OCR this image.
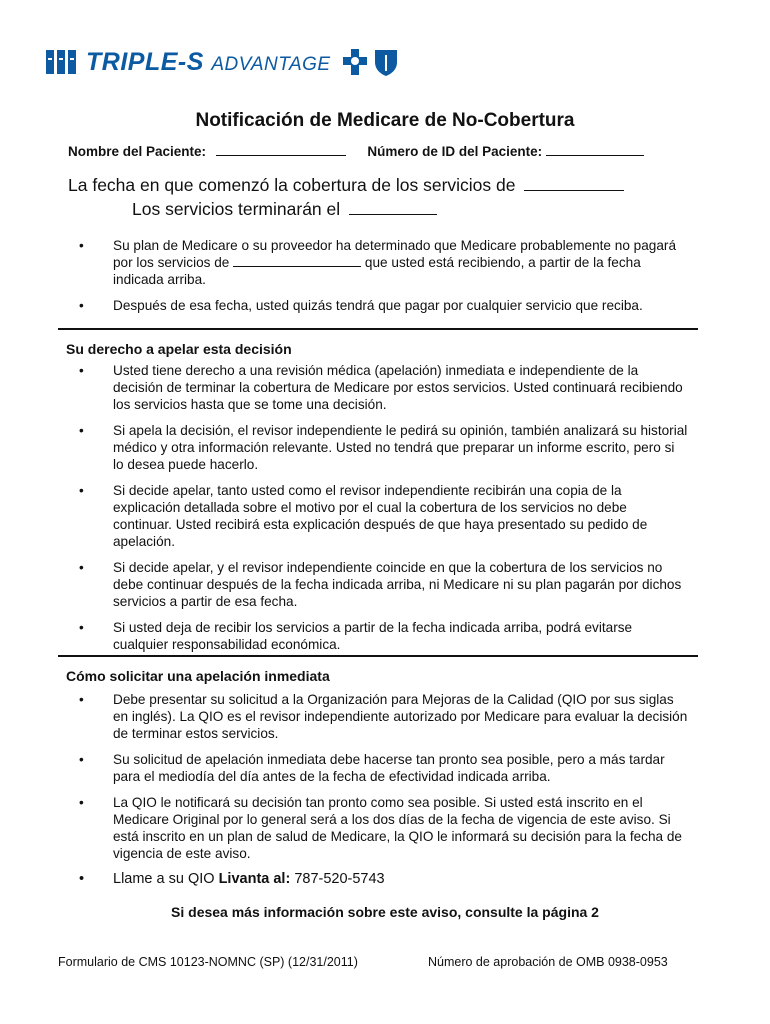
TRIPLE-S ADVANTAGE
Notificación de Medicare de No-Cobertura
Nombre del Paciente:	Número de ID del Paciente:
La fecha en que comenzó la cobertura de los servicios de
Los servicios terminarán el
• Su plan de Medicare o su proveedor ha determinado que Medicare probablemente no pagará por los servicios de	que usted está recibiendo, a partir de la fecha indicada arriba.
• Después de esa fecha, usted quizás tendrá que pagar por cualquier servicio que reciba.
Su derecho a apelar esta decisión
• Usted tiene derecho a una revisión médica (apelación) inmediata e independiente de la decisión de terminar la cobertura de Medicare por estos servicios. Usted continuará recibiendo los servicios hasta que se tome una decisión.
• Si apela la decisión, el revisor independiente le pedirá su opinión, también analizará su historial médico y otra información relevante. Usted no tendrá que preparar un informe escrito, pero si lo desea puede hacerlo.
• Si decide apelar, tanto usted como el revisor independiente recibirán una copia de la explicación detallada sobre el motivo por el cual la cobertura de los servicios no debe continuar. Usted recibirá esta explicación después de que haya presentado su pedido de apelación.
• Si decide apelar, y el revisor independiente coincide en que la cobertura de los servicios no debe continuar después de la fecha indicada arriba, ni Medicare ni su plan pagarán por dichos servicios a partir de esa fecha.
• Si usted deja de recibir los servicios a partir de la fecha indicada arriba, podrá evitarse cualquier responsabilidad económica.
Cómo solicitar una apelación inmediata
• Debe presentar su solicitud a la Organización para Mejoras de la Calidad (QIO por sus siglas en inglés). La QIO es el revisor independiente autorizado por Medicare para evaluar la decisión de terminar estos servicios.
• Su solicitud de apelación inmediata debe hacerse tan pronto sea posible, pero a más tardar para el mediodía del día antes de la fecha de efectividad indicada arriba.
• La QIO le notificará su decisión tan pronto como sea posible. Si usted está inscrito en el Medicare Original por lo general será a los dos días de la fecha de vigencia de este aviso. Si está inscrito en un plan de salud de Medicare, la QIO le informará su decisión para la fecha de vigencia de este aviso.
• Llame a su QIO Livanta al: 787-520-5743
Si desea más información sobre este aviso, consulte la página 2
Formulario de CMS 10123-NOMNC (SP) (12/31/2011)	Número de aprobación de OMB 0938-0953
